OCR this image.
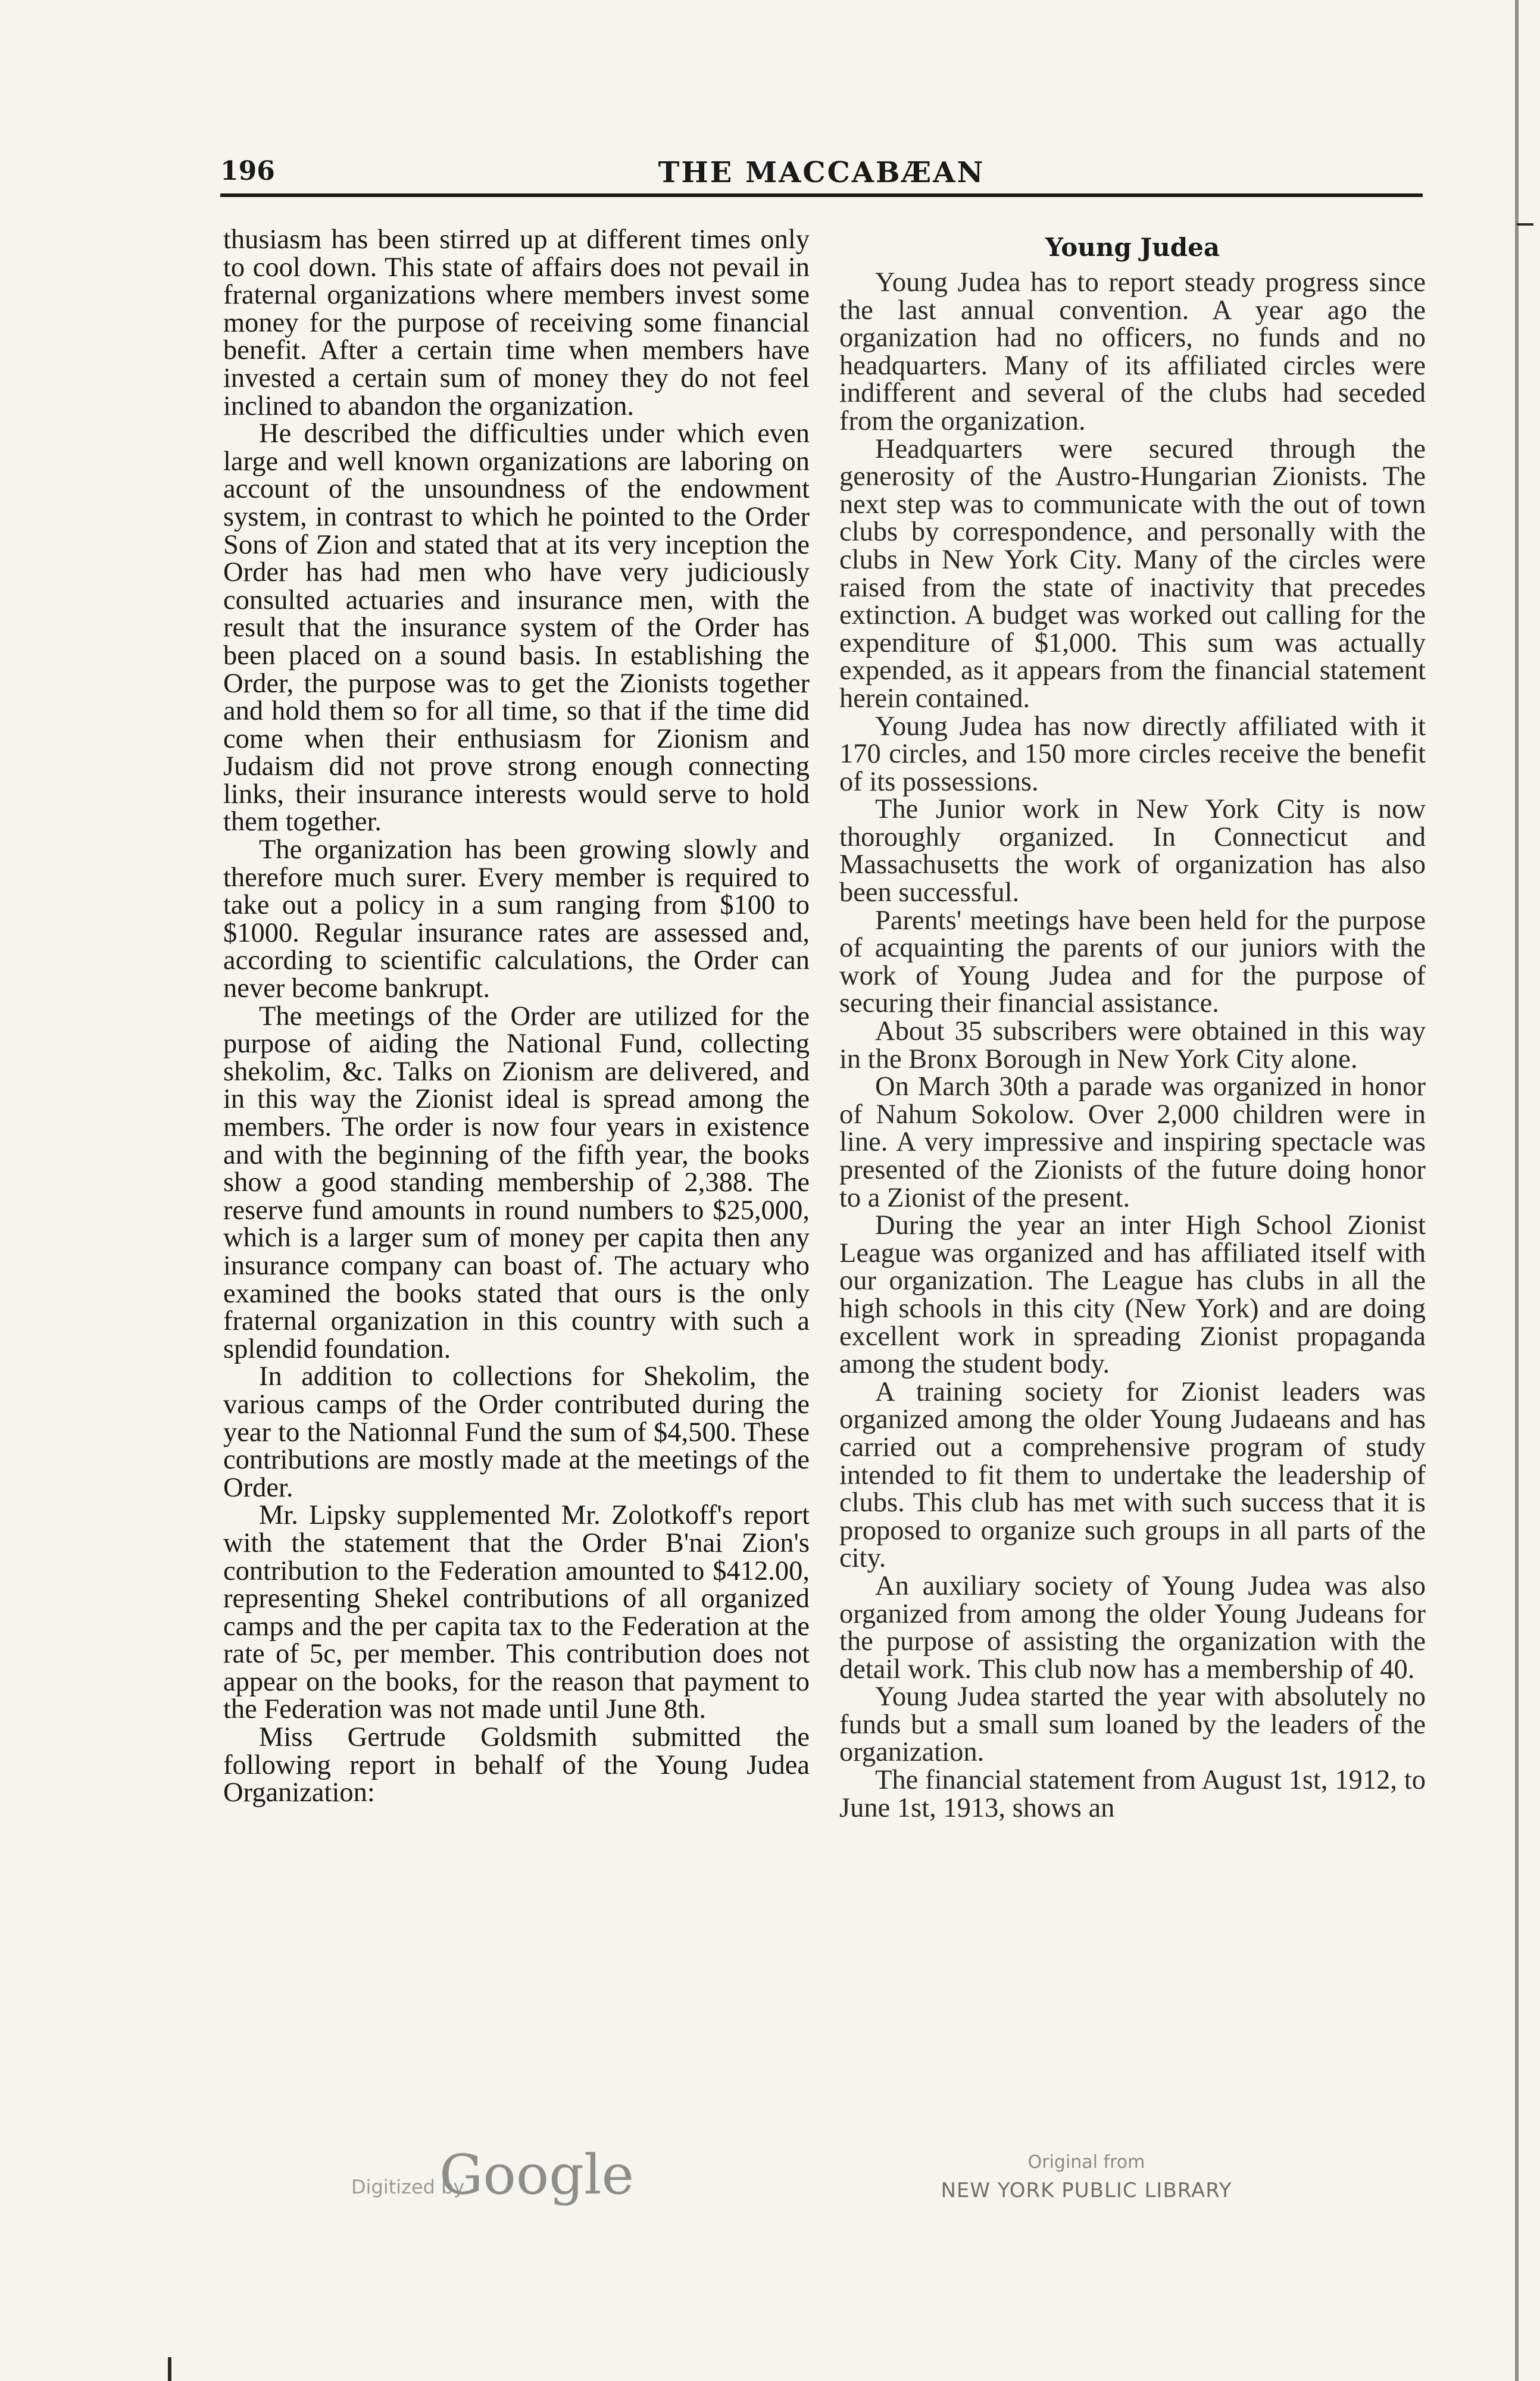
196	THE MACCABÆAN

thusiasm has been stirred up at different times only to cool down. This state of affairs does not pevail in fraternal organizations where members invest some money for the purpose of receiving some financial benefit. After a certain time when members have invested a certain sum of money they do not feel inclined to abandon the organization.

He described the difficulties under which even large and well known organizations are laboring on account of the unsoundness of the endowment system, in contrast to which he pointed to the Order Sons of Zion and stated that at its very inception the Order has had men who have very judiciously consulted actuaries and insurance men, with the result that the insurance system of the Order has been placed on a sound basis. In establishing the Order, the purpose was to get the Zionists together and hold them so for all time, so that if the time did come when their enthusiasm for Zionism and Judaism did not prove strong enough connecting links, their insurance interests would serve to hold them together.

The organization has been growing slowly and therefore much surer. Every member is required to take out a policy in a sum ranging from $100 to $1000. Regular insurance rates are assessed and, according to scientific calculations, the Order can never become bankrupt.

The meetings of the Order are utilized for the purpose of aiding the National Fund, collecting shekolim, &c. Talks on Zionism are delivered, and in this way the Zionist ideal is spread among the members. The order is now four years in existence and with the beginning of the fifth year, the books show a good standing membership of 2,388. The reserve fund amounts in round numbers to $25,000, which is a larger sum of money per capita then any insurance company can boast of. The actuary who examined the books stated that ours is the only fraternal organization in this country with such a splendid foundation.

In addition to collections for Shekolim, the various camps of the Order contributed during the year to the Nationnal Fund the sum of $4,500. These contributions are mostly made at the meetings of the Order.

Mr. Lipsky supplemented Mr. Zolotkoff's report with the statement that the Order B'nai Zion's contribution to the Federation amounted to $412.00, representing Shekel contributions of all organized camps and the per capita tax to the Federation at the rate of 5c, per member. This contribution does not appear on the books, for the reason that payment to the Federation was not made until June 8th.

Miss Gertrude Goldsmith submitted the following report in behalf of the Young Judea Organization:

Young Judea

Young Judea has to report steady progress since the last annual convention. A year ago the organization had no officers, no funds and no headquarters. Many of its affiliated circles were indifferent and several of the clubs had seceded from the organization.

Headquarters were secured through the generosity of the Austro-Hungarian Zionists. The next step was to communicate with the out of town clubs by correspondence, and personally with the clubs in New York City. Many of the circles were raised from the state of inactivity that precedes extinction. A budget was worked out calling for the expenditure of $1,000. This sum was actually expended, as it appears from the financial statement herein contained.

Young Judea has now directly affiliated with it 170 circles, and 150 more circles receive the benefit of its possessions.

The Junior work in New York City is now thoroughly organized. In Connecticut and Massachusetts the work of organization has also been successful.

Parents' meetings have been held for the purpose of acquainting the parents of our juniors with the work of Young Judea and for the purpose of securing their financial assistance.

About 35 subscribers were obtained in this way in the Bronx Borough in New York City alone.

On March 30th a parade was organized in honor of Nahum Sokolow. Over 2,000 children were in line. A very impressive and inspiring spectacle was presented of the Zionists of the future doing honor to a Zionist of the present.

During the year an inter High School Zionist League was organized and has affiliated itself with our organization. The League has clubs in all the high schools in this city (New York) and are doing excellent work in spreading Zionist propaganda among the student body.

A training society for Zionist leaders was organized among the older Young Judaeans and has carried out a comprehensive program of study intended to fit them to undertake the leadership of clubs. This club has met with such success that it is proposed to organize such groups in all parts of the city.

An auxiliary society of Young Judea was also organized from among the older Young Judeans for the purpose of assisting the organization with the detail work. This club now has a membership of 40.

Young Judea started the year with absolutely no funds but a small sum loaned by the leaders of the organization.

The financial statement from August 1st, 1912, to June 1st, 1913, shows an

Digitized by
Google	Original from
NEW YORK PUBLIC LIBRARY
